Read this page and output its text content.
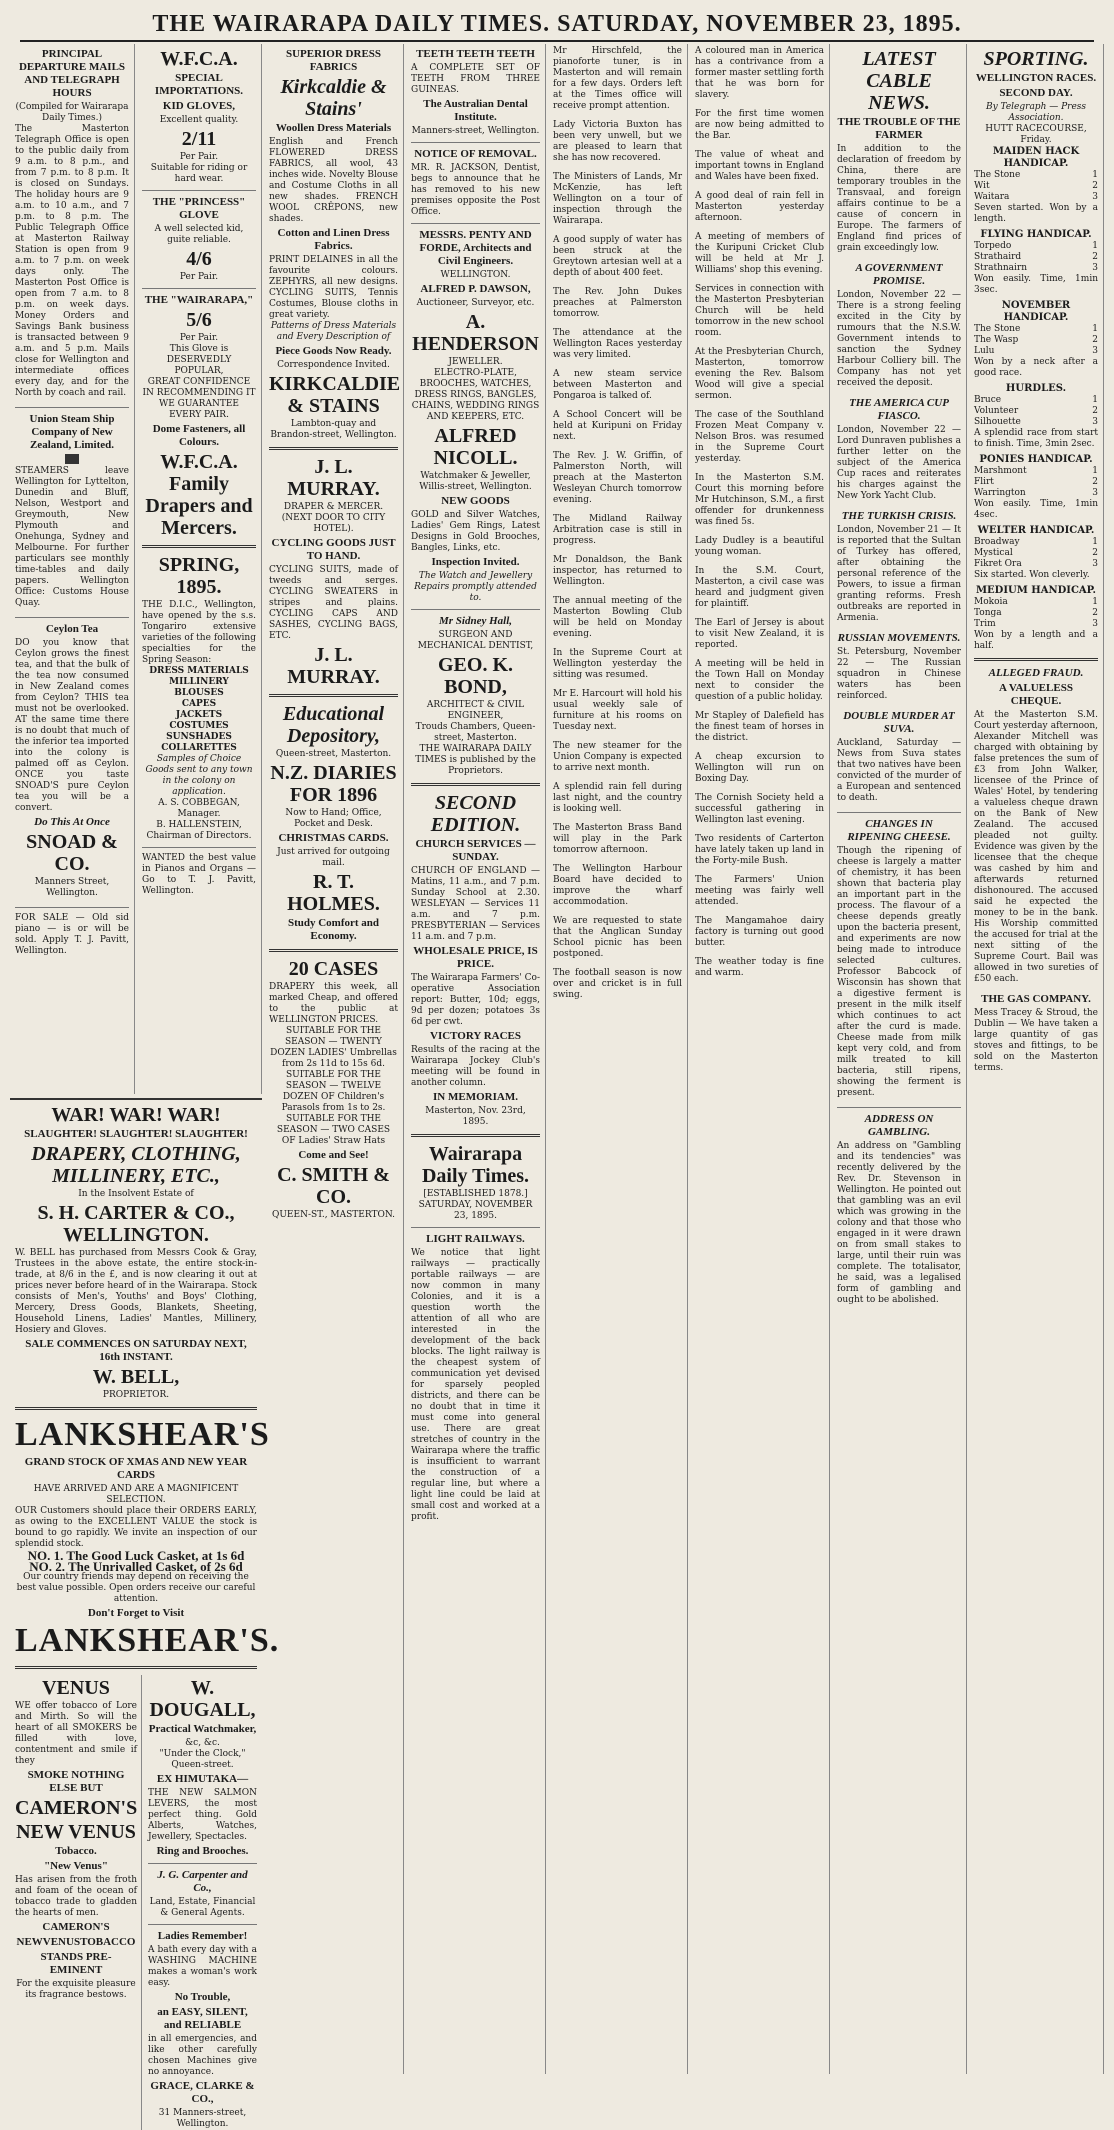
THE WAIRARAPA DAILY TIMES. SATURDAY, NOVEMBER 23, 1895.
PRINCIPAL DEPARTURE MAILS AND TELEGRAPH HOURS
(Compiled for Wairarapa Daily Times.)
The Masterton Telegraph Office is open to the public daily from 9 a.m. to 8 p.m., and from 7 p.m. to 8 p.m. It is closed on Sundays. The holiday hours are 9 a.m. to 10 a.m., and 7 p.m. to 8 p.m. The Public Telegraph Office at Masterton Railway Station is open from 9 a.m. to 7 p.m. on week days only. The Masterton Post Office is open from 7 a.m. to 8 p.m. on week days. Money Orders and Savings Bank business is transacted between 9 a.m. and 5 p.m. Mails close for Wellington and intermediate offices every day, and for the North by coach and rail.
Union Steam Ship Company of New Zealand, Limited.
STEAMERS leave Wellington for Lyttelton, Dunedin and Bluff, Nelson, Westport and Greymouth, New Plymouth and Onehunga, Sydney and Melbourne. For further particulars see monthly time-tables and daily papers. Wellington Office: Customs House Quay.
Ceylon Tea
DO you know that Ceylon grows the finest tea, and that the bulk of the tea now consumed in New Zealand comes from Ceylon? THIS tea must not be overlooked. AT the same time there is no doubt that much of the inferior tea imported into the colony is palmed off as Ceylon. ONCE you taste SNOAD'S pure Ceylon tea you will be a convert.
Do This At Once
SNOAD & CO.
Manners Street, Wellington.
FOR SALE — Old sid piano — is or will be sold. Apply T. J. Pavitt, Wellington.
W.F.C.A.
SPECIAL IMPORTATIONS.
KID GLOVES,
Excellent quality.
2/11
Per Pair.
Suitable for riding or hard wear.
THE "PRINCESS" GLOVE
A well selected kid, guite reliable.
4/6
Per Pair.
THE "WAIRARAPA,"
5/6
Per Pair.
This Glove is DESERVEDLY POPULAR,
GREAT CONFIDENCE IN RECOMMENDING IT WE GUARANTEE EVERY PAIR.
Dome Fasteners, all Colours.
W.F.C.A. Family Drapers and Mercers.
SPRING, 1895.
THE D.I.C., Wellington, have opened by the s.s. Tongariro extensive varieties of the following specialties for the Spring Season:
DRESS MATERIALS
MILLINERY
BLOUSES
CAPES
JACKETS
COSTUMES
SUNSHADES
COLLARETTES
Samples of Choice Goods sent to any town in the colony on application.
A. S. COBBEGAN, Manager.
B. HALLENSTEIN, Chairman of Directors.
WANTED the best value in Pianos and Organs — Go to T. J. Pavitt, Wellington.
SUPERIOR DRESS FABRICS
Kirkcaldie & Stains'
Woollen Dress Materials
English and French FLOWERED DRESS FABRICS, all wool, 43 inches wide. Novelty Blouse and Costume Cloths in all new shades. FRENCH WOOL CRÊPONS, new shades.
Cotton and Linen Dress Fabrics.
PRINT DELAINES in all the favourite colours. ZEPHYRS, all new designs. CYCLING SUITS, Tennis Costumes, Blouse cloths in great variety.
Patterns of Dress Materials and Every Description of
Piece Goods Now Ready.
Correspondence Invited.
KIRKCALDIE & STAINS
Lambton-quay and Brandon-street, Wellington.
J. L. MURRAY.
DRAPER & MERCER.
(NEXT DOOR TO CITY HOTEL).
CYCLING GOODS JUST TO HAND.
CYCLING SUITS, made of tweeds and serges. CYCLING SWEATERS in stripes and plains. CYCLING CAPS AND SASHES, CYCLING BAGS, ETC.
J. L. MURRAY.
Educational Depository,
Queen-street, Masterton.
N.Z. DIARIES FOR 1896
Now to Hand; Office, Pocket and Desk.
CHRISTMAS CARDS.
Just arrived for outgoing mail.
R. T. HOLMES.
Study Comfort and Economy.
20 CASES
DRAPERY this week, all marked Cheap, and offered to the public at WELLINGTON PRICES.
SUITABLE FOR THE SEASON — TWENTY DOZEN LADIES' Umbrellas from 2s 11d to 15s 6d.
SUITABLE FOR THE SEASON — TWELVE DOZEN OF Children's Parasols from 1s to 2s.
SUITABLE FOR THE SEASON — TWO CASES OF Ladies' Straw Hats
Come and See!
C. SMITH & CO.
QUEEN-ST., MASTERTON.
TEETH TEETH TEETH
A COMPLETE SET OF TEETH FROM THREE GUINEAS.
The Australian Dental Institute.
Manners-street, Wellington.
NOTICE OF REMOVAL.
MR. R. JACKSON, Dentist, begs to announce that he has removed to his new premises opposite the Post Office.
MESSRS. PENTY AND FORDE, Architects and Civil Engineers.
WELLINGTON.
ALFRED P. DAWSON,
Auctioneer, Surveyor, etc.
A. HENDERSON
JEWELLER.
ELECTRO-PLATE, BROOCHES, WATCHES, DRESS RINGS, BANGLES, CHAINS, WEDDING RINGS AND KEEPERS, ETC.
ALFRED NICOLL.
Watchmaker & Jeweller,
Willis-street, Wellington.
NEW GOODS
GOLD and Silver Watches, Ladies' Gem Rings, Latest Designs in Gold Brooches, Bangles, Links, etc.
Inspection Invited.
The Watch and Jewellery Repairs promptly attended to.
Mr Sidney Hall,
SURGEON AND MECHANICAL DENTIST,
GEO. K. BOND,
ARCHITECT & CIVIL ENGINEER,
Trouds Chambers, Queen-street, Masterton.
THE WAIRARAPA DAILY TIMES is published by the Proprietors.
SECOND EDITION.
CHURCH SERVICES — SUNDAY.
CHURCH OF ENGLAND — Matins, 11 a.m., and 7 p.m. Sunday School at 2.30. WESLEYAN — Services 11 a.m. and 7 p.m. PRESBYTERIAN — Services 11 a.m. and 7 p.m.
WHOLESALE PRICE, IS PRICE.
The Wairarapa Farmers' Co-operative Association report: Butter, 10d; eggs, 9d per dozen; potatoes 3s 6d per cwt.
VICTORY RACES
Results of the racing at the Wairarapa Jockey Club's meeting will be found in another column.
IN MEMORIAM.
Masterton, Nov. 23rd, 1895.
Wairarapa Daily Times.
[ESTABLISHED 1878.]
SATURDAY, NOVEMBER 23, 1895.
LIGHT RAILWAYS.
We notice that light railways — practically portable railways — are now common in many Colonies, and it is a question worth the attention of all who are interested in the development of the back blocks. The light railway is the cheapest system of communication yet devised for sparsely peopled districts, and there can be no doubt that in time it must come into general use. There are great stretches of country in the Wairarapa where the traffic is insufficient to warrant the construction of a regular line, but where a light line could be laid at small cost and worked at a profit.
Mr Hirschfeld, the pianoforte tuner, is in Masterton and will remain for a few days. Orders left at the Times office will receive prompt attention.
Lady Victoria Buxton has been very unwell, but we are pleased to learn that she has now recovered.
The Ministers of Lands, Mr McKenzie, has left Wellington on a tour of inspection through the Wairarapa.
A good supply of water has been struck at the Greytown artesian well at a depth of about 400 feet.
The Rev. John Dukes preaches at Palmerston tomorrow.
The attendance at the Wellington Races yesterday was very limited.
A new steam service between Masterton and Pongaroa is talked of.
A School Concert will be held at Kuripuni on Friday next.
The Rev. J. W. Griffin, of Palmerston North, will preach at the Masterton Wesleyan Church tomorrow evening.
The Midland Railway Arbitration case is still in progress.
Mr Donaldson, the Bank inspector, has returned to Wellington.
The annual meeting of the Masterton Bowling Club will be held on Monday evening.
In the Supreme Court at Wellington yesterday the sitting was resumed.
Mr E. Harcourt will hold his usual weekly sale of furniture at his rooms on Tuesday next.
The new steamer for the Union Company is expected to arrive next month.
A splendid rain fell during last night, and the country is looking well.
The Masterton Brass Band will play in the Park tomorrow afternoon.
The Wellington Harbour Board have decided to improve the wharf accommodation.
We are requested to state that the Anglican Sunday School picnic has been postponed.
The football season is now over and cricket is in full swing.
A coloured man in America has a contrivance from a former master settling forth that he was born for slavery.
For the first time women are now being admitted to the Bar.
The value of wheat and important towns in England and Wales have been fixed.
A good deal of rain fell in Masterton yesterday afternoon.
A meeting of members of the Kuripuni Cricket Club will be held at Mr J. Williams' shop this evening.
Services in connection with the Masterton Presbyterian Church will be held tomorrow in the new school room.
At the Presbyterian Church, Masterton, tomorrow evening the Rev. Balsom Wood will give a special sermon.
The case of the Southland Frozen Meat Company v. Nelson Bros. was resumed in the Supreme Court yesterday.
In the Masterton S.M. Court this morning before Mr Hutchinson, S.M., a first offender for drunkenness was fined 5s.
Lady Dudley is a beautiful young woman.
In the S.M. Court, Masterton, a civil case was heard and judgment given for plaintiff.
The Earl of Jersey is about to visit New Zealand, it is reported.
A meeting will be held in the Town Hall on Monday next to consider the question of a public holiday.
Mr Stapley of Dalefield has the finest team of horses in the district.
A cheap excursion to Wellington will run on Boxing Day.
The Cornish Society held a successful gathering in Wellington last evening.
Two residents of Carterton have lately taken up land in the Forty-mile Bush.
The Farmers' Union meeting was fairly well attended.
The Mangamahoe dairy factory is turning out good butter.
The weather today is fine and warm.
LATEST CABLE NEWS.
THE TROUBLE OF THE FARMER
In addition to the declaration of freedom by China, there are temporary troubles in the Transvaal, and foreign affairs continue to be a cause of concern in Europe. The farmers of England find prices of grain exceedingly low.
A GOVERNMENT PROMISE.
London, November 22 — There is a strong feeling excited in the City by rumours that the N.S.W. Government intends to sanction the Sydney Harbour Colliery bill. The Company has not yet received the deposit.
THE AMERICA CUP FIASCO.
London, November 22 — Lord Dunraven publishes a further letter on the subject of the America Cup races and reiterates his charges against the New York Yacht Club.
THE TURKISH CRISIS.
London, November 21 — It is reported that the Sultan of Turkey has offered, after obtaining the personal reference of the Powers, to issue a firman granting reforms. Fresh outbreaks are reported in Armenia.
RUSSIAN MOVEMENTS.
St. Petersburg, November 22 — The Russian squadron in Chinese waters has been reinforced.
DOUBLE MURDER AT SUVA.
Auckland, Saturday — News from Suva states that two natives have been convicted of the murder of a European and sentenced to death.
CHANGES IN RIPENING CHEESE.
Though the ripening of cheese is largely a matter of chemistry, it has been shown that bacteria play an important part in the process. The flavour of a cheese depends greatly upon the bacteria present, and experiments are now being made to introduce selected cultures. Professor Babcock of Wisconsin has shown that a digestive ferment is present in the milk itself which continues to act after the curd is made. Cheese made from milk kept very cold, and from milk treated to kill bacteria, still ripens, showing the ferment is present.
ADDRESS ON GAMBLING.
An address on "Gambling and its tendencies" was recently delivered by the Rev. Dr. Stevenson in Wellington. He pointed out that gambling was an evil which was growing in the colony and that those who engaged in it were drawn on from small stakes to large, until their ruin was complete. The totalisator, he said, was a legalised form of gambling and ought to be abolished.
SPORTING.
WELLINGTON RACES.
SECOND DAY.
By Telegraph — Press Association.
HUTT RACECOURSE, Friday.
MAIDEN HACK HANDICAP.
The Stone	1
Wit	2
Waitara	3
Seven started. Won by a length.
FLYING HANDICAP.
Torpedo	1
Strathaird	2
Strathnairn	3
Won easily. Time, 1min 3sec.
NOVEMBER HANDICAP.
The Stone	1
The Wasp	2
Lulu	3
Won by a neck after a good race.
HURDLES.
Bruce	1
Volunteer	2
Silhouette	3
A splendid race from start to finish. Time, 3min 2sec.
PONIES HANDICAP.
Marshmont	1
Flirt	2
Warrington	3
Won easily. Time, 1min 4sec.
WELTER HANDICAP.
Broadway	1
Mystical	2
Fikret Ora	3
Six started. Won cleverly.
MEDIUM HANDICAP.
Mokoia	1
Tonga	2
Trim	3
Won by a length and a half.
ALLEGED FRAUD.
A VALUELESS CHEQUE.
At the Masterton S.M. Court yesterday afternoon, Alexander Mitchell was charged with obtaining by false pretences the sum of £3 from John Walker, licensee of the Prince of Wales' Hotel, by tendering a valueless cheque drawn on the Bank of New Zealand. The accused pleaded not guilty. Evidence was given by the licensee that the cheque was cashed by him and afterwards returned dishonoured. The accused said he expected the money to be in the bank. His Worship committed the accused for trial at the next sitting of the Supreme Court. Bail was allowed in two sureties of £50 each.
THE GAS COMPANY.
Mess Tracey & Stroud, the Dublin — We have taken a large quantity of gas stoves and fittings, to be sold on the Masterton terms.
WAR! WAR! WAR!
SLAUGHTER! SLAUGHTER! SLAUGHTER!
DRAPERY, CLOTHING, MILLINERY, ETC.,
In the Insolvent Estate of
S. H. CARTER & CO., WELLINGTON.
W. BELL has purchased from Messrs Cook & Gray, Trustees in the above estate, the entire stock-in-trade, at 8/6 in the £, and is now clearing it out at prices never before heard of in the Wairarapa. Stock consists of Men's, Youths' and Boys' Clothing, Mercery, Dress Goods, Blankets, Sheeting, Household Linens, Ladies' Mantles, Millinery, Hosiery and Gloves.
SALE COMMENCES ON SATURDAY NEXT, 16th INSTANT.
W. BELL,
PROPRIETOR.
LANKSHEAR'S
GRAND STOCK OF XMAS AND NEW YEAR CARDS
HAVE ARRIVED AND ARE A MAGNIFICENT SELECTION.
OUR Customers should place their ORDERS EARLY, as owing to the EXCELLENT VALUE the stock is bound to go rapidly. We invite an inspection of our splendid stock.
NO. 1. The Good Luck Casket, at 1s 6d
NO. 2. The Unrivalled Casket, of 2s 6d
Our country friends may depend on receiving the best value possible. Open orders receive our careful attention.
Don't Forget to Visit
LANKSHEAR'S.
VENUS
WE offer tobacco of Lore and Mirth. So will the heart of all SMOKERS be filled with love, contentment and smile if they
SMOKE NOTHING ELSE BUT
CAMERON'S
NEW VENUS
Tobacco.
"New Venus"
Has arisen from the froth and foam of the ocean of tobacco trade to gladden the hearts of men.
CAMERON'S
NEWVENUSTOBACCO
STANDS PRE-EMINENT
For the exquisite pleasure its fragrance bestows.
W. DOUGALL,
Practical Watchmaker,
&c, &c.
"Under the Clock," Queen-street.
EX HIMUTAKA—
THE NEW SALMON LEVERS, the most perfect thing. Gold Alberts, Watches, Jewellery, Spectacles.
Ring and Brooches.
J. G. Carpenter and Co.,
Land, Estate, Financial & General Agents.
Ladies Remember!
A bath every day with a WASHING MACHINE makes a woman's work easy.
No Trouble,
an EASY, SILENT, and RELIABLE
in all emergencies, and like other carefully chosen Machines give no annoyance.
GRACE, CLARKE & CO.,
31 Manners-street, Wellington.
